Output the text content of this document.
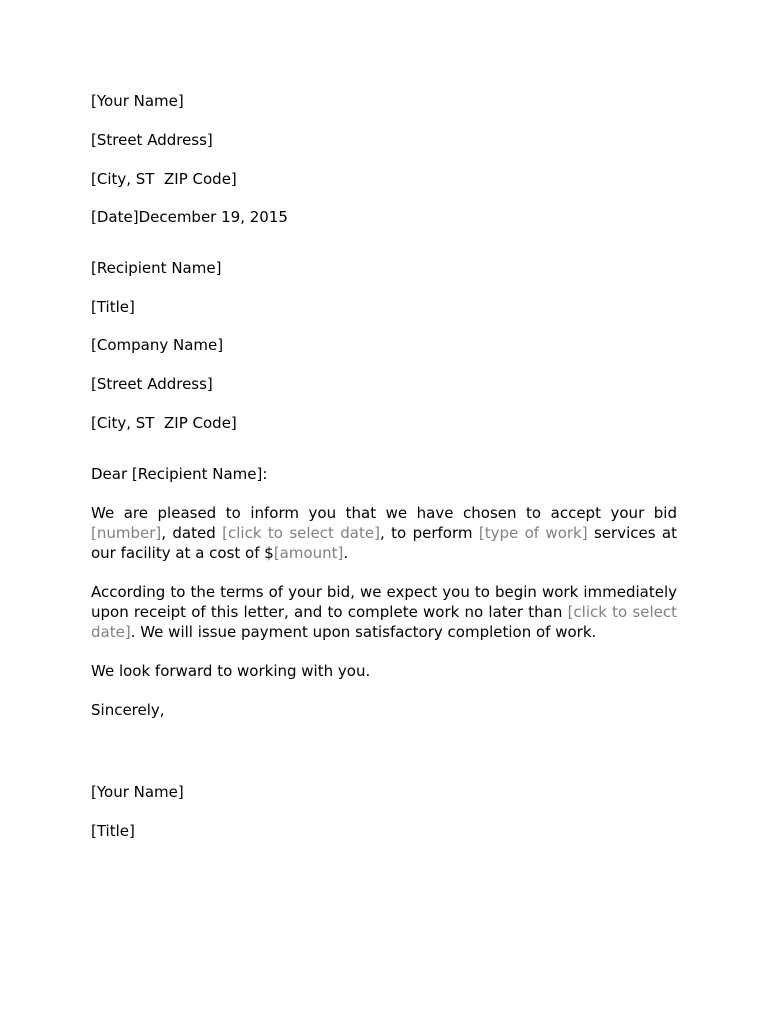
[Your Name]
[Street Address]
[City, ST  ZIP Code]
[Date]December 19, 2015
[Recipient Name]
[Title]
[Company Name]
[Street Address]
[City, ST  ZIP Code]
Dear [Recipient Name]:
We are pleased to inform you that we have chosen to accept your bid [number], dated [click to select date], to perform [type of work] services at our facility at a cost of $[amount].
According to the terms of your bid, we expect you to begin work immediately upon receipt of this letter, and to complete work no later than [click to select date]. We will issue payment upon satisfactory completion of work.
We look forward to working with you.
Sincerely,
[Your Name]
[Title]
